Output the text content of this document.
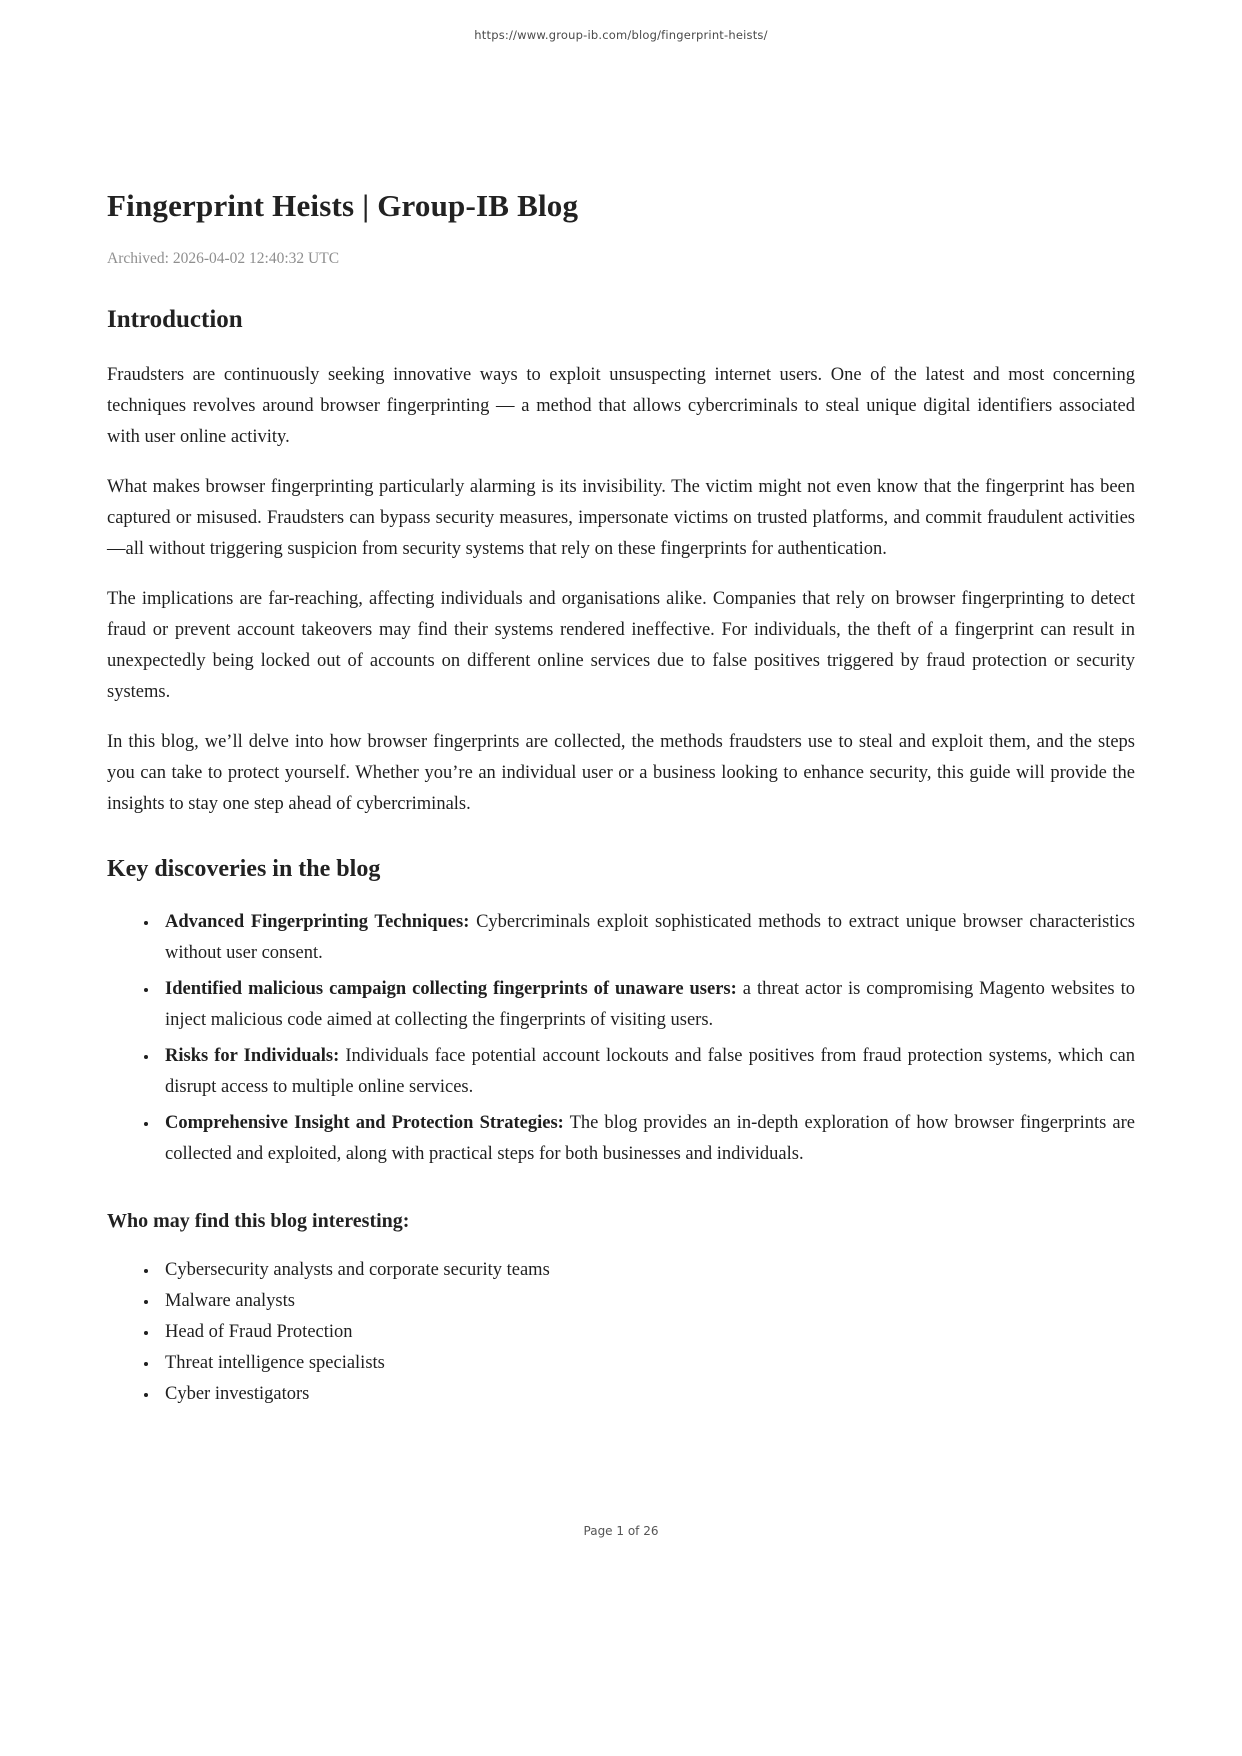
https://www.group-ib.com/blog/fingerprint-heists/
Fingerprint Heists | Group-IB Blog
Archived: 2026-04-02 12:40:32 UTC
Introduction

Fraudsters are continuously seeking innovative ways to exploit unsuspecting internet users. One of the latest and most concerning techniques revolves around browser fingerprinting — a method that allows cybercriminals to steal unique digital identifiers associated with user online activity.

What makes browser fingerprinting particularly alarming is its invisibility. The victim might not even know that the fingerprint has been captured or misused. Fraudsters can bypass security measures, impersonate victims on trusted platforms, and commit fraudulent activities—all without triggering suspicion from security systems that rely on these fingerprints for authentication.

The implications are far-reaching, affecting individuals and organisations alike. Companies that rely on browser fingerprinting to detect fraud or prevent account takeovers may find their systems rendered ineffective. For individuals, the theft of a fingerprint can result in unexpectedly being locked out of accounts on different online services due to false positives triggered by fraud protection or security systems.

In this blog, we’ll delve into how browser fingerprints are collected, the methods fraudsters use to steal and exploit them, and the steps you can take to protect yourself. Whether you’re an individual user or a business looking to enhance security, this guide will provide the insights to stay one step ahead of cybercriminals.

Key discoveries in the blog
• Advanced Fingerprinting Techniques: Cybercriminals exploit sophisticated methods to extract unique browser characteristics without user consent.
• Identified malicious campaign collecting fingerprints of unaware users: a threat actor is compromising Magento websites to inject malicious code aimed at collecting the fingerprints of visiting users.
• Risks for Individuals: Individuals face potential account lockouts and false positives from fraud protection systems, which can disrupt access to multiple online services.
• Comprehensive Insight and Protection Strategies: The blog provides an in-depth exploration of how browser fingerprints are collected and exploited, along with practical steps for both businesses and individuals.
Who may find this blog interesting:
• Cybersecurity analysts and corporate security teams
• Malware analysts
• Head of Fraud Protection
• Threat intelligence specialists
• Cyber investigators
Page 1 of 26
